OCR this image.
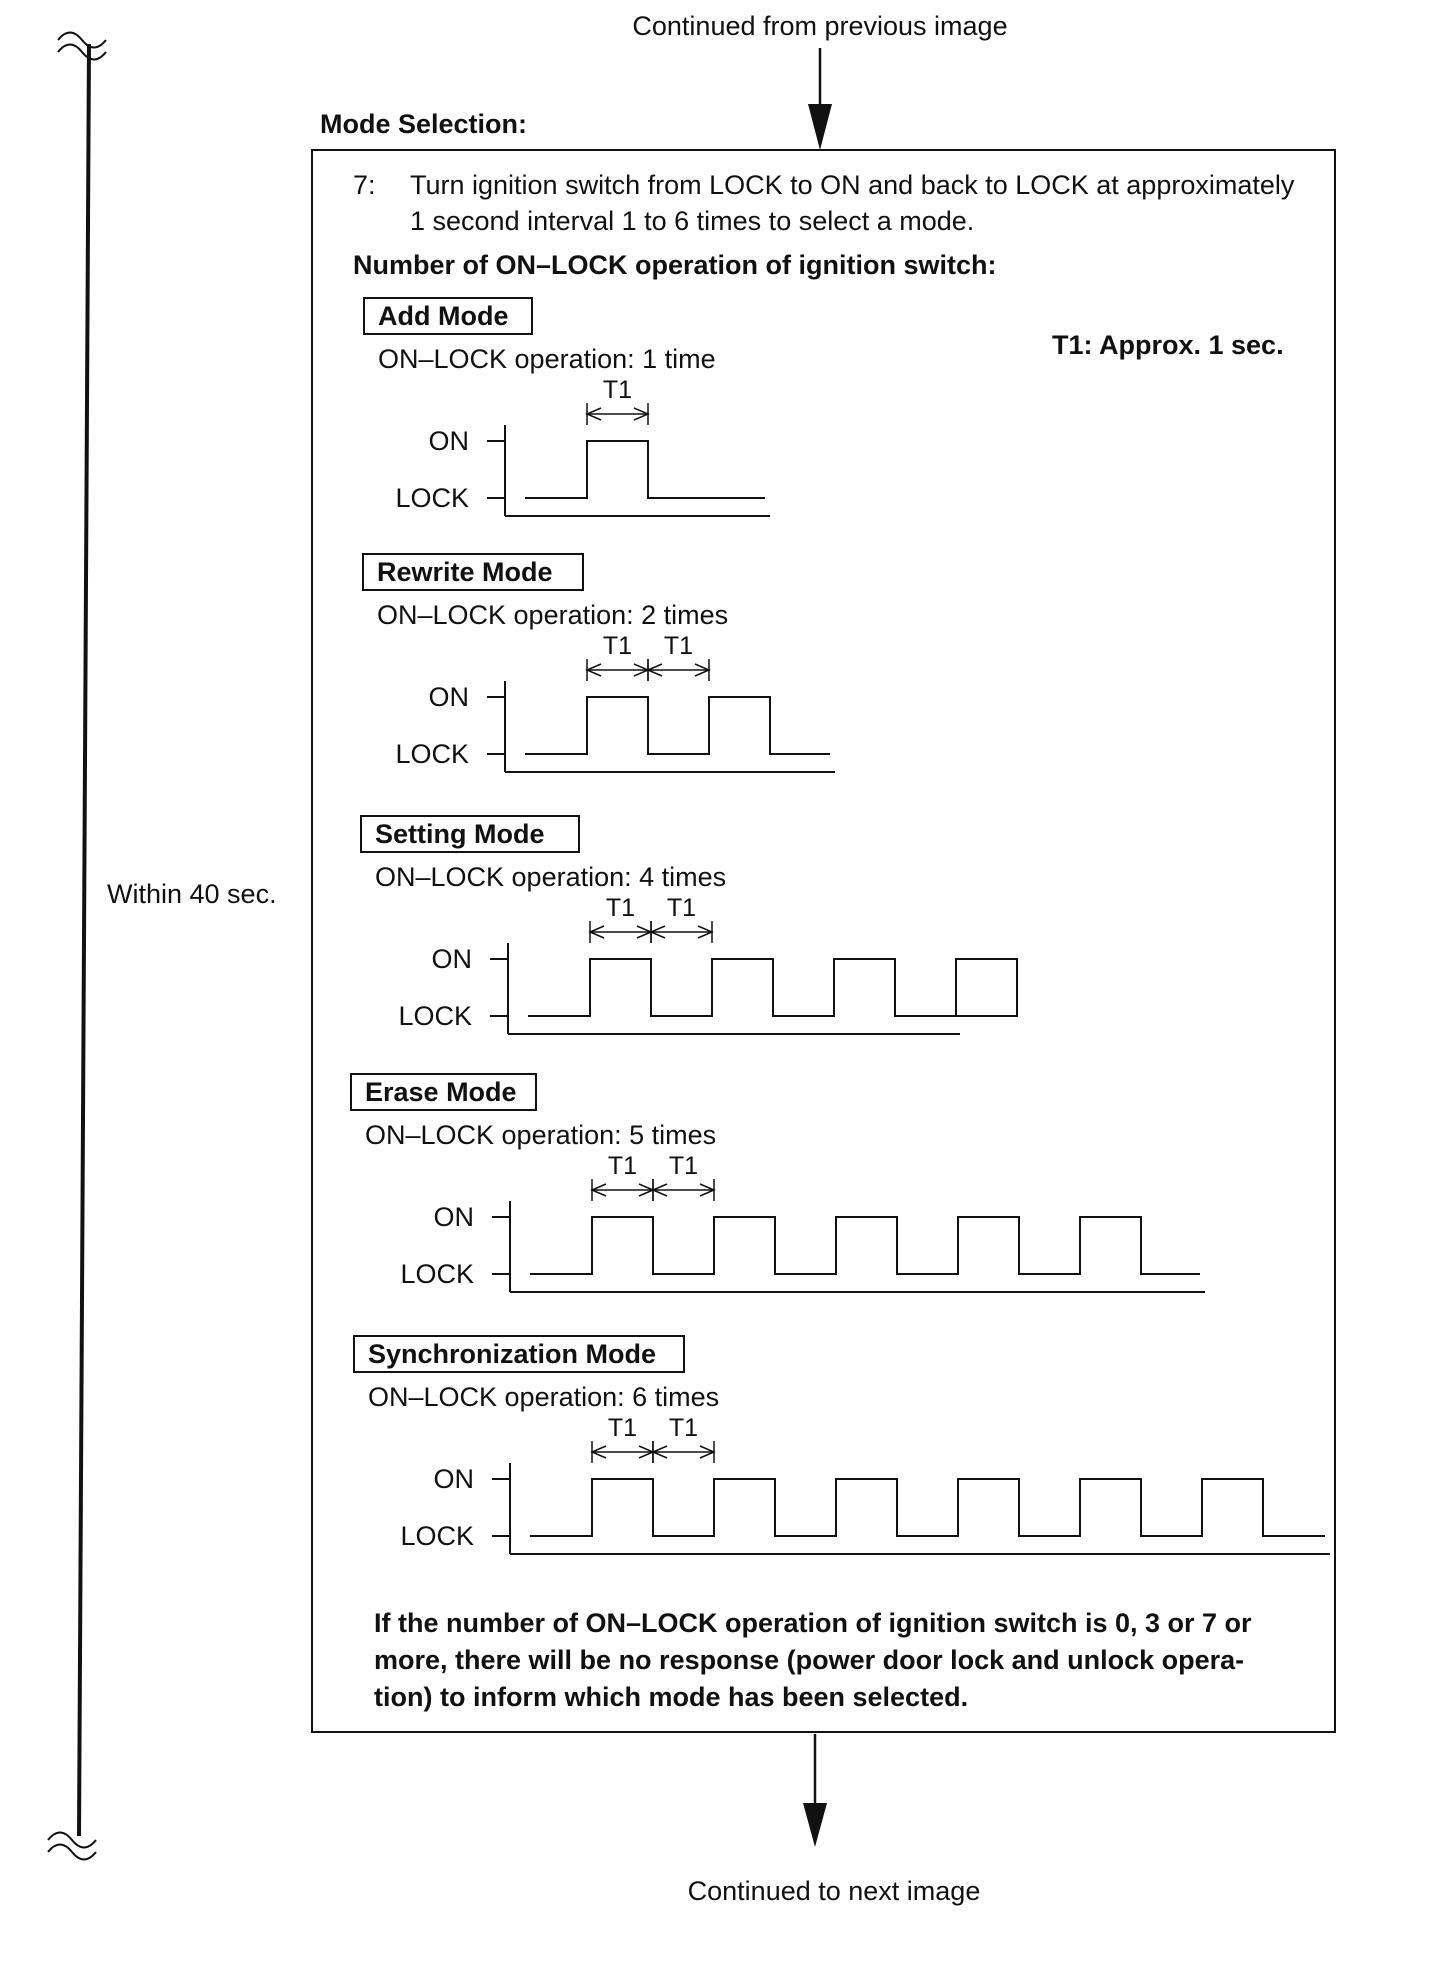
Continued from previous image
Mode Selection:
Within 40 sec.
7: Turn ignition switch from LOCK to ON and back to LOCK at approximately
1 second interval 1 to 6 times to select a mode.
Number of ON–LOCK operation of ignition switch:
T1: Approx. 1 sec.
Add Mode
ON–LOCK operation: 1 time
ON
LOCK
T1
Rewrite Mode
ON–LOCK operation: 2 times
ON
LOCK
T1 T1
Setting Mode
ON–LOCK operation: 4 times
ON
LOCK
T1 T1
Erase Mode
ON–LOCK operation: 5 times
ON
LOCK
T1 T1
Synchronization Mode
ON–LOCK operation: 6 times
ON
LOCK
T1 T1
If the number of ON–LOCK operation of ignition switch is 0, 3 or 7 or
more, there will be no response (power door lock and unlock opera-
tion) to inform which mode has been selected.
Continued to next image
